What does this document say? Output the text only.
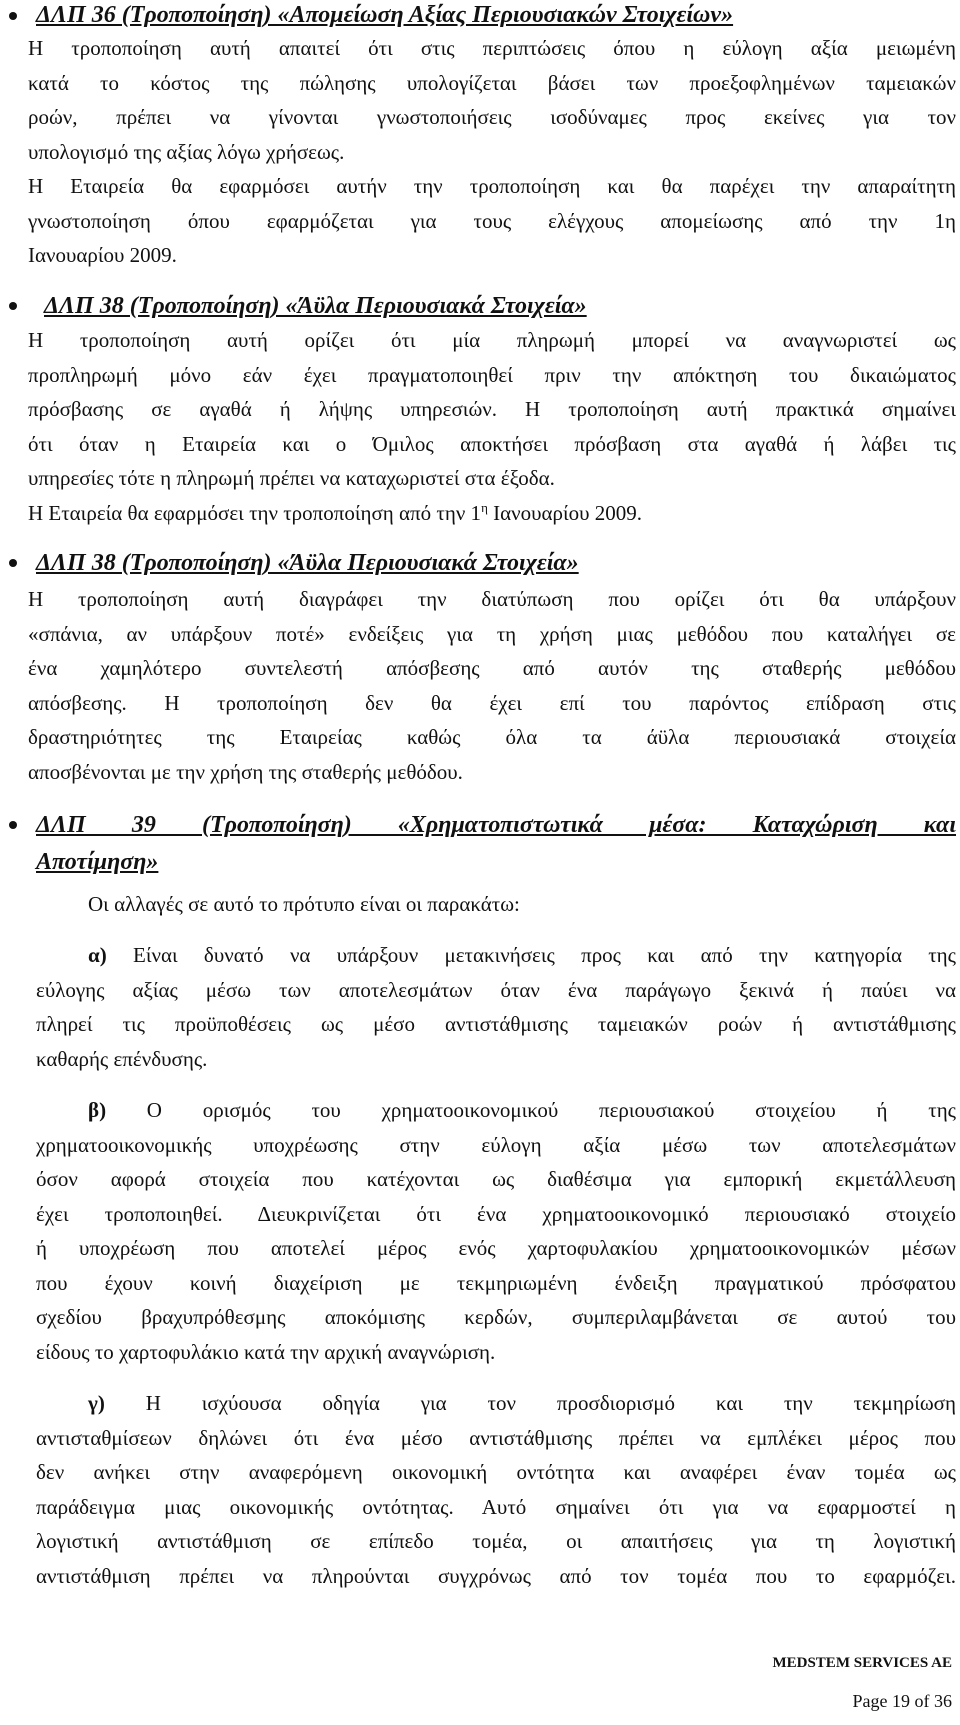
ΔΛΠ 36 (Τροποποίηση) «Απομείωση Αξίας Περιουσιακών Στοιχείων»
Η τροποποίηση αυτή απαιτεί ότι στις περιπτώσεις όπου η εύλογη αξία μειωμένη
κατά το κόστος της πώλησης υπολογίζεται βάσει των προεξοφλημένων ταμειακών
ροών, πρέπει να γίνονται γνωστοποιήσεις ισοδύναμες προς εκείνες για τον
υπολογισμό της αξίας λόγω χρήσεως.
Η Εταιρεία θα εφαρμόσει αυτήν την τροποποίηση και θα παρέχει την απαραίτητη
γνωστοποίηση όπου εφαρμόζεται για τους ελέγχους απομείωσης από την 1η
Ιανουαρίου 2009.
ΔΛΠ 38 (Τροποποίηση) «Άϋλα Περιουσιακά Στοιχεία»
Η τροποποίηση αυτή ορίζει ότι μία πληρωμή μπορεί να αναγνωριστεί ως
προπληρωμή μόνο εάν έχει πραγματοποιηθεί πριν την απόκτηση του δικαιώματος
πρόσβασης σε αγαθά ή λήψης υπηρεσιών. Η τροποποίηση αυτή πρακτικά σημαίνει
ότι όταν η Εταιρεία και ο Όμιλος αποκτήσει πρόσβαση στα αγαθά ή λάβει τις
υπηρεσίες τότε η πληρωμή πρέπει να καταχωριστεί στα έξοδα.
Η Εταιρεία θα εφαρμόσει την τροποποίηση από την $1^\eta$ Ιανουαρίου 2009.
ΔΛΠ 38 (Τροποποίηση) «Άϋλα Περιουσιακά Στοιχεία»
Η τροποποίηση αυτή διαγράφει την διατύπωση που ορίζει ότι θα υπάρξουν
«σπάνια, αν υπάρξουν ποτέ» ενδείξεις για τη χρήση μιας μεθόδου που καταλήγει σε
ένα χαμηλότερο συντελεστή απόσβεσης από αυτόν της σταθερής μεθόδου
απόσβεσης. Η τροποποίηση δεν θα έχει επί του παρόντος επίδραση στις
δραστηριότητες της Εταιρείας καθώς όλα τα άϋλα περιουσιακά στοιχεία
αποσβένονται με την χρήση της σταθερής μεθόδου.
ΔΛΠ 39 (Τροποποίηση) «Χρηματοπιστωτικά μέσα: Καταχώριση και
Αποτίμηση»
Οι αλλαγές σε αυτό το πρότυπο είναι οι παρακάτω:
α) Είναι δυνατό να υπάρξουν μετακινήσεις προς και από την κατηγορία της
εύλογης αξίας μέσω των αποτελεσμάτων όταν ένα παράγωγο ξεκινά ή παύει να
πληρεί τις προϋποθέσεις ως μέσο αντιστάθμισης ταμειακών ροών ή αντιστάθμισης
καθαρής επένδυσης.
β) Ο ορισμός του χρηματοοικονομικού περιουσιακού στοιχείου ή της
χρηματοοικονομικής υποχρέωσης στην εύλογη αξία μέσω των αποτελεσμάτων
όσον αφορά στοιχεία που κατέχονται ως διαθέσιμα για εμπορική εκμετάλλευση
έχει τροποποιηθεί. Διευκρινίζεται ότι ένα χρηματοοικονομικό περιουσιακό στοιχείο
ή υποχρέωση που αποτελεί μέρος ενός χαρτοφυλακίου χρηματοοικονομικών μέσων
που έχουν κοινή διαχείριση με τεκμηριωμένη ένδειξη πραγματικού πρόσφατου
σχεδίου βραχυπρόθεσμης αποκόμισης κερδών, συμπεριλαμβάνεται σε αυτού του
είδους το χαρτοφυλάκιο κατά την αρχική αναγνώριση.
γ) Η ισχύουσα οδηγία για τον προσδιορισμό και την τεκμηρίωση
αντισταθμίσεων δηλώνει ότι ένα μέσο αντιστάθμισης πρέπει να εμπλέκει μέρος που
δεν ανήκει στην αναφερόμενη οικονομική οντότητα και αναφέρει έναν τομέα ως
παράδειγμα μιας οικονομικής οντότητας. Αυτό σημαίνει ότι για να εφαρμοστεί η
λογιστική αντιστάθμιση σε επίπεδο τομέα, οι απαιτήσεις για τη λογιστική
αντιστάθμιση πρέπει να πληρούνται συγχρόνως από τον τομέα που το εφαρμόζει.
MEDSTEM SERVICES AE
Page 19 of 36
